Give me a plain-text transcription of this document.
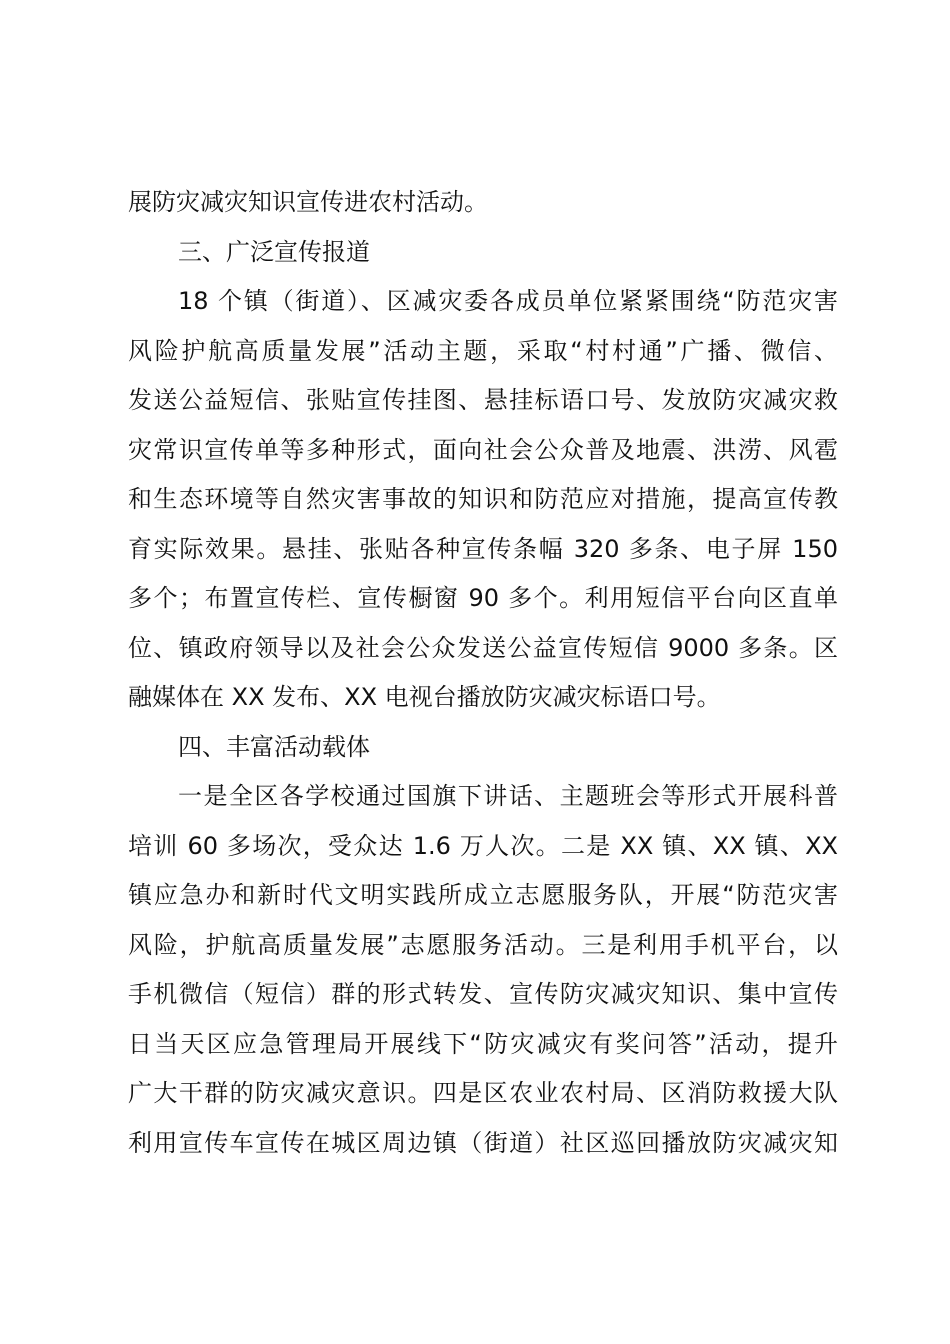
展防灾减灾知识宣传进农村活动。
三、广泛宣传报道
18 个镇（街道）、区减灾委各成员单位紧紧围绕“防范灾害
风险护航高质量发展”活动主题，采取“村村通”广播、微信、
发送公益短信、张贴宣传挂图、悬挂标语口号、发放防灾减灾救
灾常识宣传单等多种形式，面向社会公众普及地震、洪涝、风雹
和生态环境等自然灾害事故的知识和防范应对措施，提高宣传教
育实际效果。悬挂、张贴各种宣传条幅 320 多条、电子屏 150
多个；布置宣传栏、宣传橱窗 90 多个。利用短信平台向区直单
位、镇政府领导以及社会公众发送公益宣传短信 9000 多条。区
融媒体在 XX 发布、XX 电视台播放防灾减灾标语口号。
四、丰富活动载体
一是全区各学校通过国旗下讲话、主题班会等形式开展科普
培训 60 多场次，受众达 1.6 万人次。二是 XX 镇、XX 镇、XX
镇应急办和新时代文明实践所成立志愿服务队，开展“防范灾害
风险，护航高质量发展”志愿服务活动。三是利用手机平台，以
手机微信（短信）群的形式转发、宣传防灾减灾知识、集中宣传
日当天区应急管理局开展线下“防灾减灾有奖问答”活动，提升
广大干群的防灾减灾意识。四是区农业农村局、区消防救援大队
利用宣传车宣传在城区周边镇（街道）社区巡回播放防灾减灾知
